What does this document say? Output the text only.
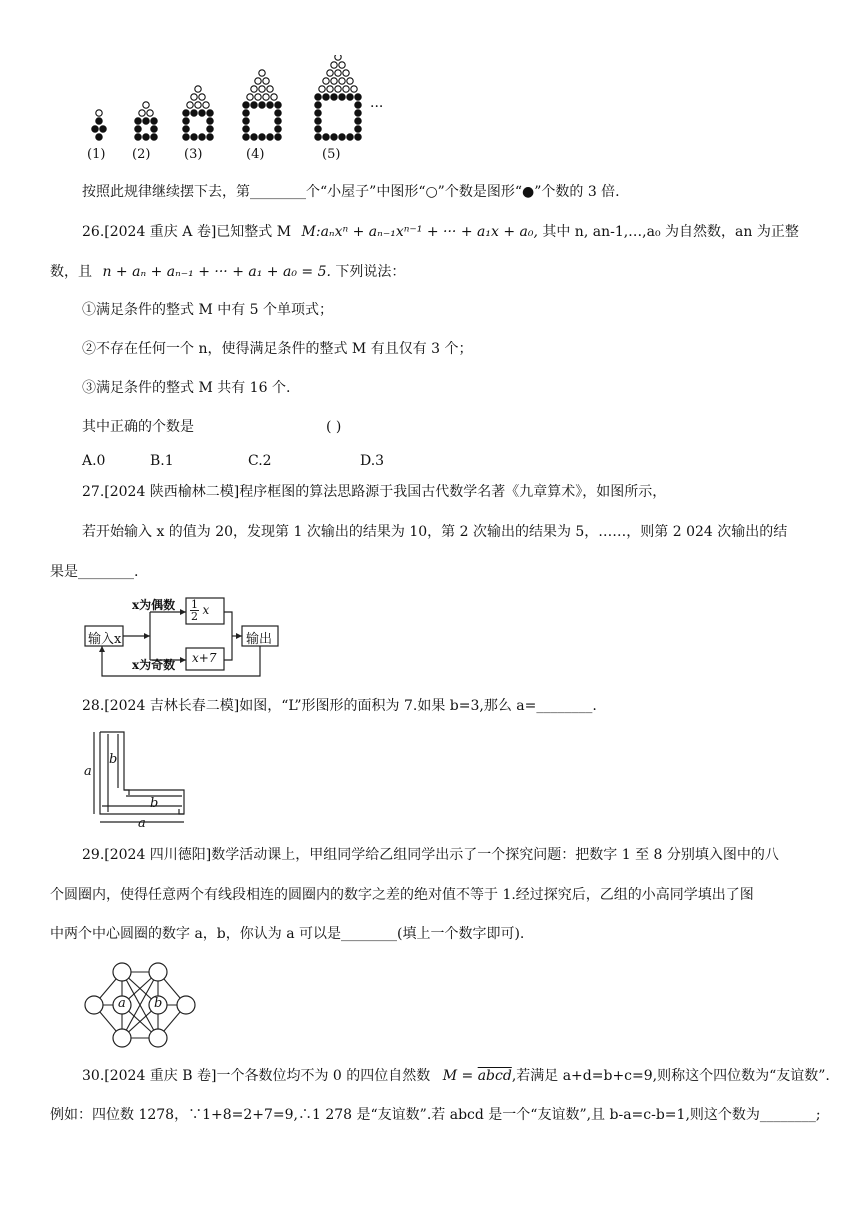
(1) (2)	(3)	(4)	(5)
···
按照此规律继续摆下去，第________个“小屋子”中图形“○”个数是图形“●”个数的 3 倍.
26.[2024 重庆 A 卷]已知整式 M M:aₙxⁿ + aₙ₋₁xⁿ⁻¹ + ··· + a₁x + a₀, 其中 n, an-1,…,a₀ 为自然数，an 为正整
数，且 n + aₙ + aₙ₋₁ + ··· + a₁ + a₀ = 5. 下列说法：
①满足条件的整式 M 中有 5 个单项式；
②不存在任何一个 n，使得满足条件的整式 M 有且仅有 3 个；
③满足条件的整式 M 共有 16 个.
其中正确的个数是	( )
A.0	B.1	C.2	D.3
27.[2024 陕西榆林二模]程序框图的算法思路源于我国古代数学名著《九章算术》，如图所示，
若开始输入 x 的值为 20，发现第 1 次输出的结果为 10，第 2 次输出的结果为 5，……，则第 2 024 次输出的结
果是________.
输入x
x为偶数
x为奇数
$\frac{1}{2}$ x
x+7
输出
28.[2024 吉林长春二模]如图，“L”形图形的面积为 7.如果 b=3,那么 a=________.
a
b
b
a
29.[2024 四川德阳]数学活动课上，甲组同学给乙组同学出示了一个探究问题：把数字 1 至 8 分别填入图中的八
个圆圈内，使得任意两个有线段相连的圆圈内的数字之差的绝对值不等于 1.经过探究后，乙组的小高同学填出了图
中两个中心圆圈的数字 a，b，你认为 a 可以是________(填上一个数字即可).
a b
30.[2024 重庆 B 卷]一个各数位均不为 0 的四位自然数 M = abcd,若满足 a+d=b+c=9,则称这个四位数为“友谊数”.
例如：四位数 1278，∵1+8=2+7=9,∴1 278 是“友谊数”.若 abcd 是一个“友谊数”,且 b-a=c-b=1,则这个数为________;
